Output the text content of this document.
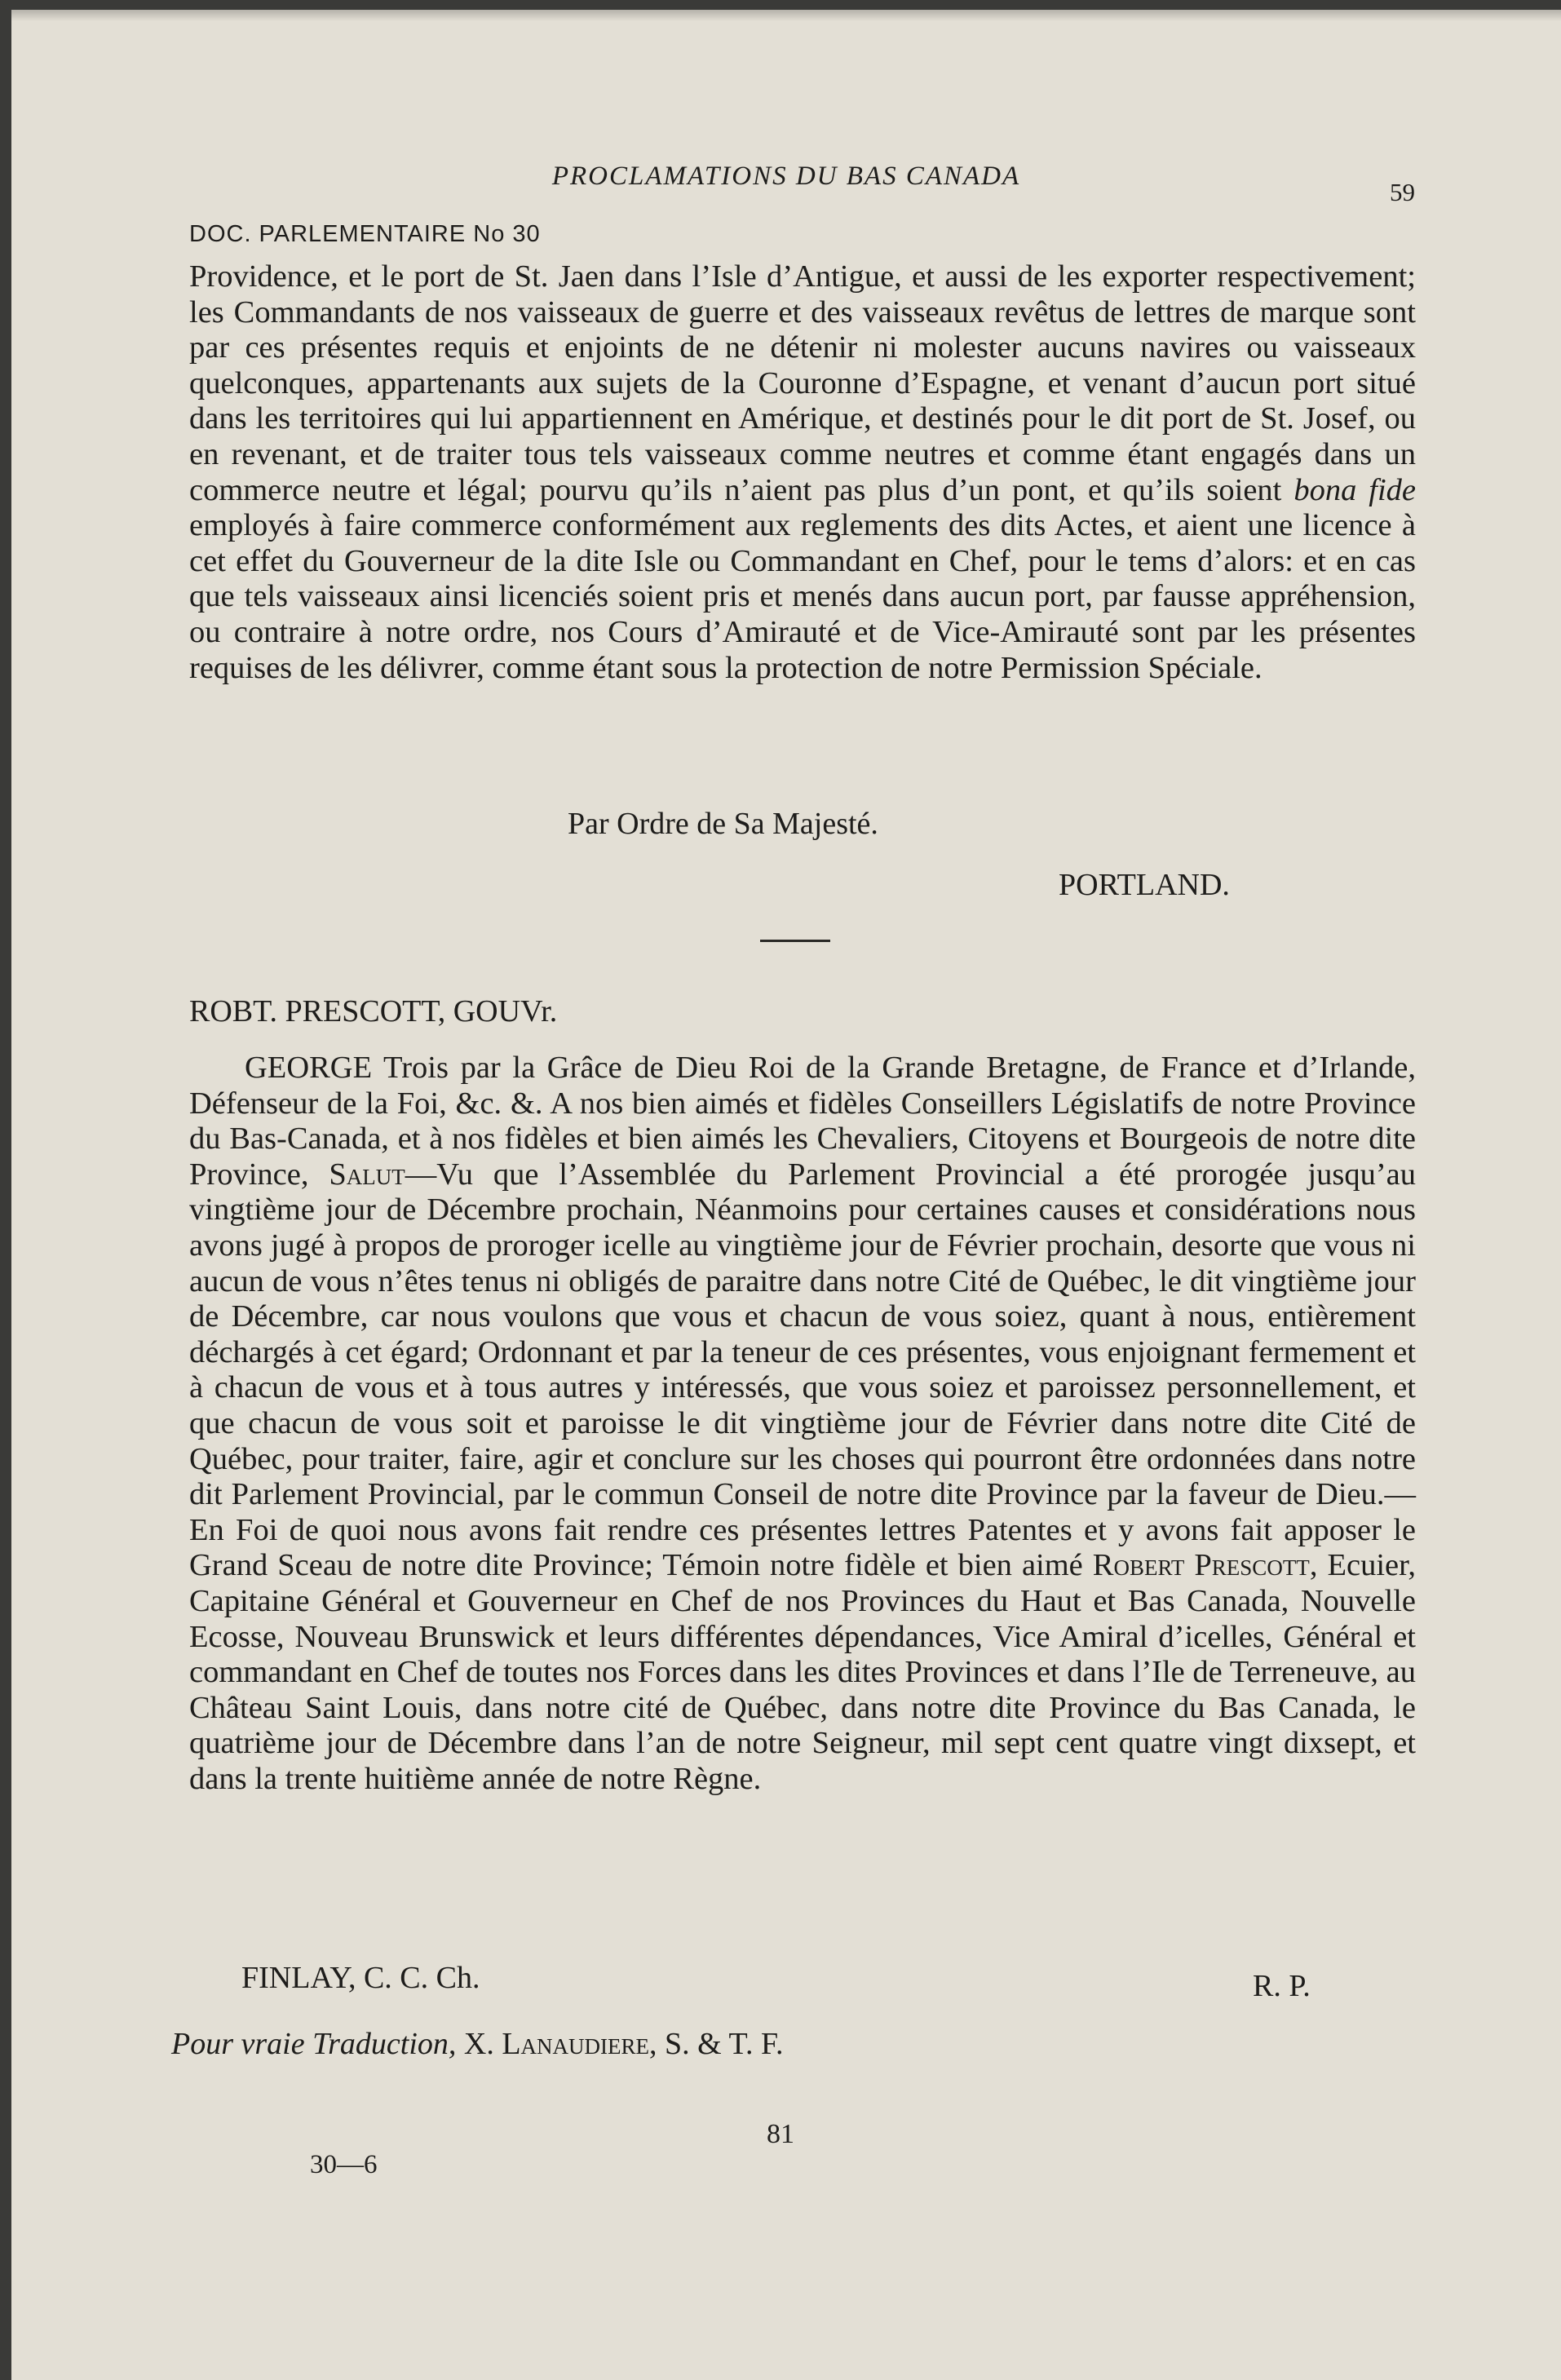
PROCLAMATIONS DU BAS CANADA
59
DOC. PARLEMENTAIRE No 30
Providence, et le port de St. Jaen dans l’Isle d’Antigue, et aussi de les exporter respectivement; les Commandants de nos vaisseaux de guerre et des vaisseaux revêtus de lettres de marque sont par ces présentes requis et enjoints de ne détenir ni molester aucuns navires ou vaisseaux quelconques, appartenants aux sujets de la Couronne d’Espagne, et venant d’aucun port situé dans les territoires qui lui appartiennent en Amérique, et destinés pour le dit port de St. Josef, ou en revenant, et de traiter tous tels vaisseaux comme neutres et comme étant engagés dans un commerce neutre et légal; pourvu qu’ils n’aient pas plus d’un pont, et qu’ils soient bona fide employés à faire commerce conformément aux reglements des dits Actes, et aient une licence à cet effet du Gouverneur de la dite Isle ou Commandant en Chef, pour le tems d’alors: et en cas que tels vaisseaux ainsi licenciés soient pris et menés dans aucun port, par fausse appréhension, ou contraire à notre ordre, nos Cours d’Amirauté et de Vice-Amirauté sont par les présentes requises de les délivrer, comme étant sous la protection de notre Permission Spéciale.
Par Ordre de Sa Majesté.
PORTLAND.
ROBT. PRESCOTT, GOUVr.
GEORGE Trois par la Grâce de Dieu Roi de la Grande Bretagne, de France et d’Irlande, Défenseur de la Foi, &c. &. A nos bien aimés et fidèles Conseillers Législatifs de notre Province du Bas-Canada, et à nos fidèles et bien aimés les Chevaliers, Citoyens et Bourgeois de notre dite Province, Salut—Vu que l’Assemblée du Parlement Provincial a été prorogée jusqu’au vingtième jour de Décembre prochain, Néanmoins pour certaines causes et considérations nous avons jugé à propos de proroger icelle au vingtième jour de Février prochain, desorte que vous ni aucun de vous n’êtes tenus ni obligés de paraitre dans notre Cité de Québec, le dit vingtième jour de Décembre, car nous voulons que vous et chacun de vous soiez, quant à nous, entièrement déchargés à cet égard; Ordonnant et par la teneur de ces présentes, vous enjoignant fermement et à chacun de vous et à tous autres y intéressés, que vous soiez et paroissez personnellement, et que chacun de vous soit et paroisse le dit vingtième jour de Février dans notre dite Cité de Québec, pour traiter, faire, agir et conclure sur les choses qui pourront être ordonnées dans notre dit Parlement Provincial, par le commun Conseil de notre dite Province par la faveur de Dieu.—En Foi de quoi nous avons fait rendre ces présentes lettres Patentes et y avons fait apposer le Grand Sceau de notre dite Province; Témoin notre fidèle et bien aimé Robert Prescott, Ecuier, Capitaine Général et Gouverneur en Chef de nos Provinces du Haut et Bas Canada, Nouvelle Ecosse, Nouveau Brunswick et leurs différentes dépendances, Vice Amiral d’icelles, Général et commandant en Chef de toutes nos Forces dans les dites Provinces et dans l’Ile de Terreneuve, au Château Saint Louis, dans notre cité de Québec, dans notre dite Province du Bas Canada, le quatrième jour de Décembre dans l’an de notre Seigneur, mil sept cent quatre vingt dixsept, et dans la trente huitième année de notre Règne.
FINLAY, C. C. Ch.	R. P.
Pour vraie Traduction, X. Lanaudiere, S. & T. F.
81
30—6
